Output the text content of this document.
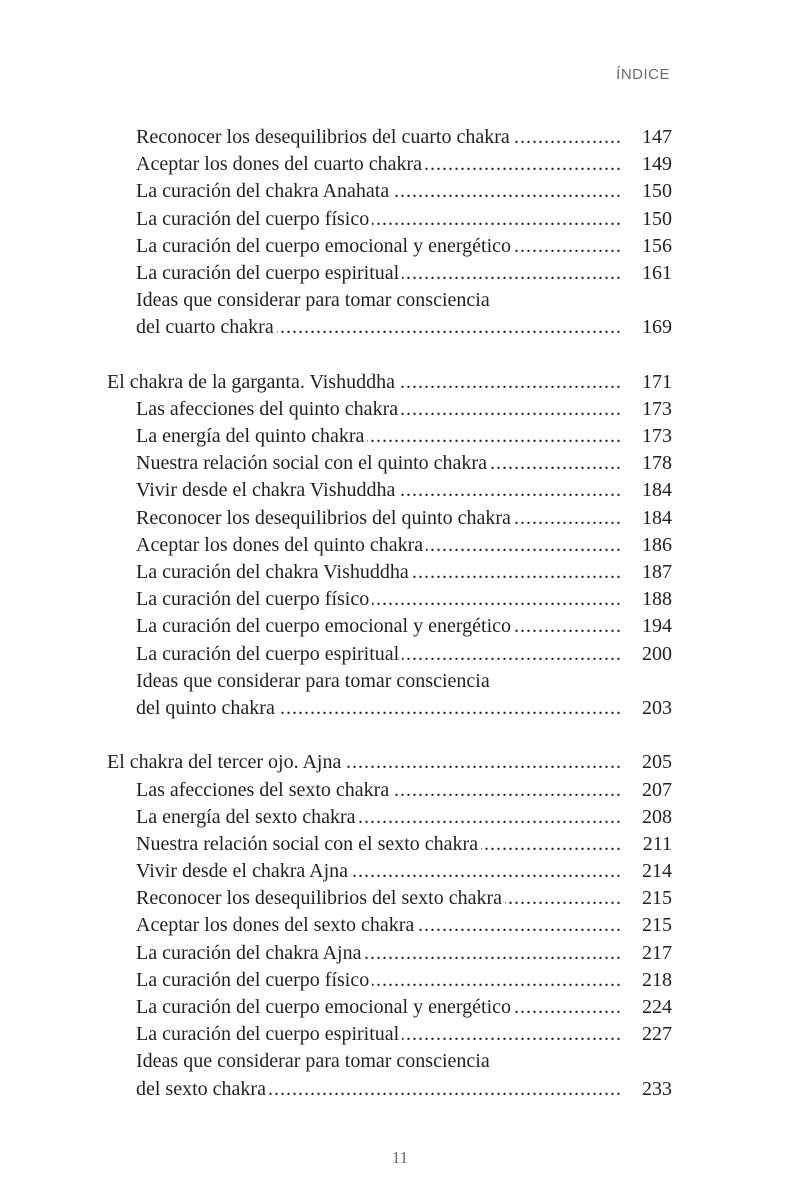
ÍNDICE
Reconocer los desequilibrios del cuarto chakra .....	147
Aceptar los dones del cuarto chakra .....	149
La curación del chakra Anahata .....	150
La curación del cuerpo físico .....	150
La curación del cuerpo emocional y energético .....	156
La curación del cuerpo espiritual .....	161
Ideas que considerar para tomar consciencia
del cuarto chakra .....	169
El chakra de la garganta. Vishuddha .....	171
Las afecciones del quinto chakra .....	173
La energía del quinto chakra .....	173
Nuestra relación social con el quinto chakra .....	178
Vivir desde el chakra Vishuddha .....	184
Reconocer los desequilibrios del quinto chakra .....	184
Aceptar los dones del quinto chakra .....	186
La curación del chakra Vishuddha .....	187
La curación del cuerpo físico .....	188
La curación del cuerpo emocional y energético .....	194
La curación del cuerpo espiritual .....	200
Ideas que considerar para tomar consciencia
del quinto chakra .....	203
El chakra del tercer ojo. Ajna .....	205
Las afecciones del sexto chakra .....	207
La energía del sexto chakra .....	208
Nuestra relación social con el sexto chakra .....	211
Vivir desde el chakra Ajna .....	214
Reconocer los desequilibrios del sexto chakra .....	215
Aceptar los dones del sexto chakra .....	215
La curación del chakra Ajna .....	217
La curación del cuerpo físico .....	218
La curación del cuerpo emocional y energético .....	224
La curación del cuerpo espiritual .....	227
Ideas que considerar para tomar consciencia
del sexto chakra .....	233
11
